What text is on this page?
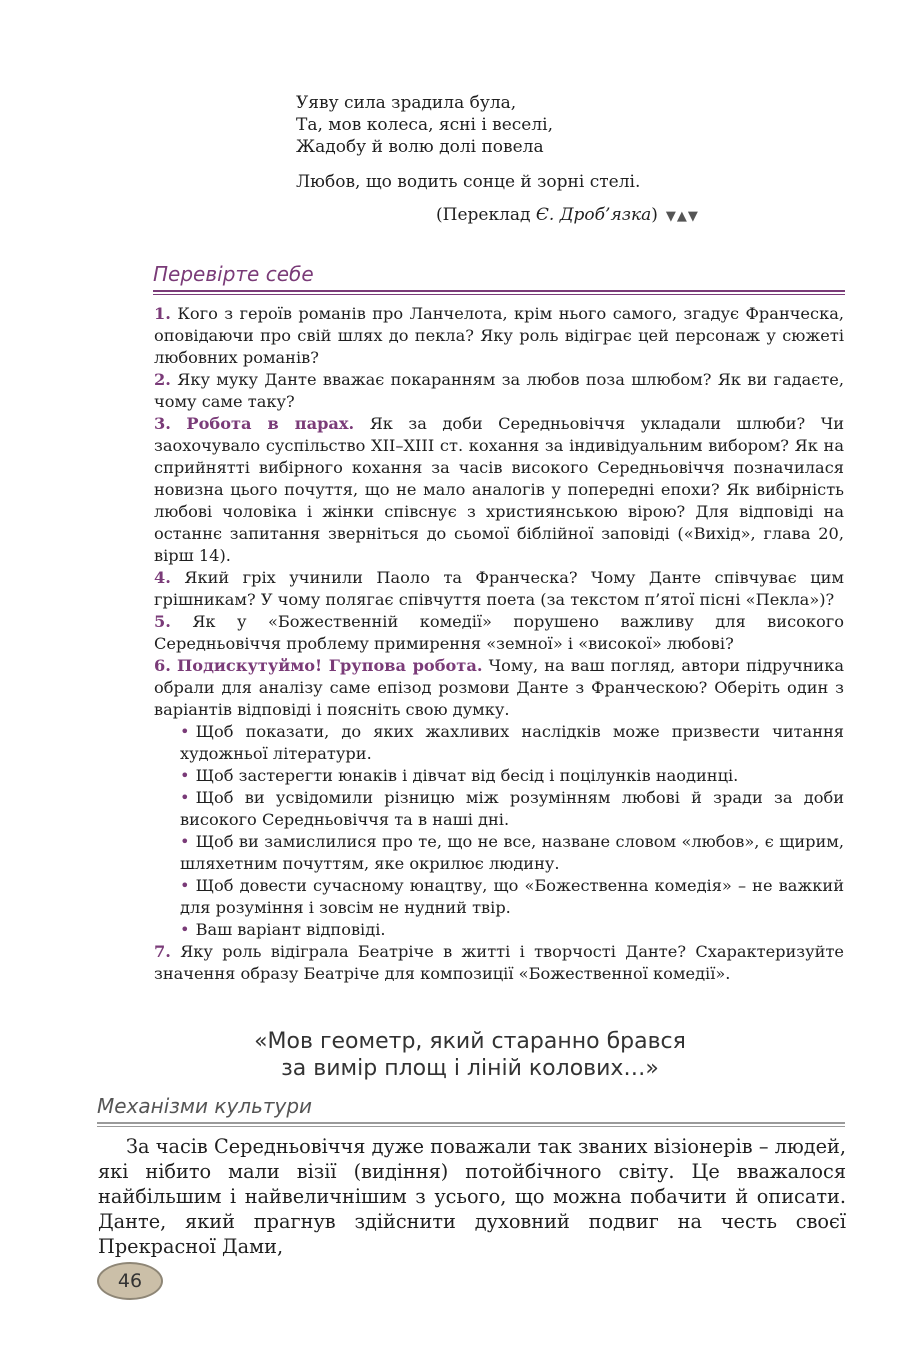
Уяву сила зрадила була,
Та, мов колеса, ясні і веселі,
Жадобу й волю долі повела
Любов, що водить сонце й зорні стелі.
(Переклад Є. Дроб’язка) ▼▲▼
Перевірте себе

1. Кого з героїв романів про Ланчелота, крім нього самого, згадує Франческа, оповідаючи про свій шлях до пекла? Яку роль відіграє цей персонаж у сюжеті любовних романів?

2. Яку муку Данте вважає покаранням за любов поза шлюбом? Як ви гадаєте, чому саме таку?

3. Робота в парах. Як за доби Середньовіччя укладали шлюби? Чи заохочувало суспільство XII–XIII ст. кохання за індивідуальним вибором? Як на сприйнятті вибірного кохання за часів високого Середньовіччя позначилася новизна цього почуття, що не мало аналогів у попередні епохи? Як вибірність любові чоловіка і жінки співснує з християнською вірою? Для відповіді на останнє запитання зверніться до сьомої біблійної заповіді («Вихід», глава 20, вірш 14).

4. Який гріх учинили Паоло та Франческа? Чому Данте співчуває цим грішникам? У чому полягає співчуття поета (за текстом п’ятої пісні «Пекла»)?

5. Як у «Божественній комедії» порушено важливу для високого Середньовіччя проблему примирення «земної» і «високої» любові?

6. Подискутуймо! Групова робота. Чому, на ваш погляд, автори підручника обрали для аналізу саме епізод розмови Данте з Франческою? Оберіть один з варіантів відповіді і поясніть свою думку.

• Щоб показати, до яких жахливих наслідків може призвести читання художньої літератури.
• Щоб застерегти юнаків і дівчат від бесід і поцілунків наодинці.
• Щоб ви усвідомили різницю між розумінням любові й зради за доби високого Середньовіччя та в наші дні.
• Щоб ви замислилися про те, що не все, назване словом «любов», є щирим, шляхетним почуттям, яке окрилює людину.
• Щоб довести сучасному юнацтву, що «Божественна комедія» – не важкий для розуміння і зовсім не нудний твір.
• Ваш варіант відповіді.

7. Яку роль відіграла Беатріче в житті і творчості Данте? Схарактеризуйте значення образу Беатріче для композиції «Божественної комедії».

«Мов геометр, який старанно брався
за вимір площ і ліній колових…»
Механізми культури

За часів Середньовіччя дуже поважали так званих візіонерів – людей, які нібито мали візії (видіння) потойбічного світу. Це вважалося найбільшим і найвеличнішим з усього, що можна побачити й описати. Данте, який прагнув здійснити духовний подвиг на честь своєї Прекрасної Дами,

46
